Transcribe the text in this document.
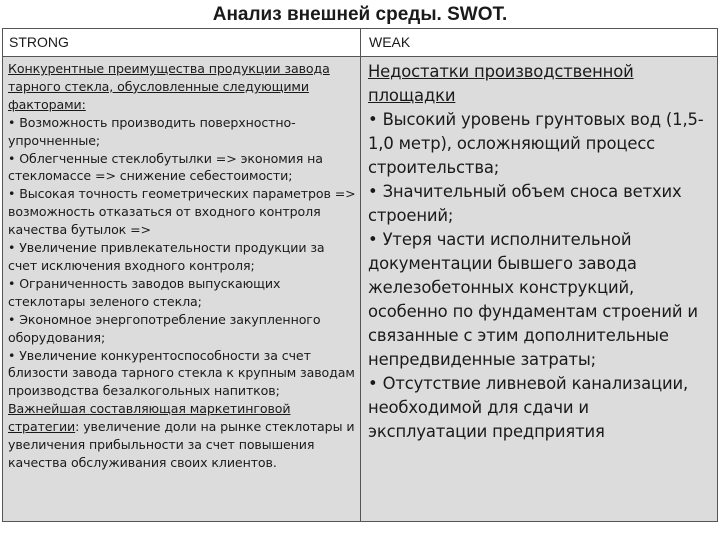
Анализ внешней среды. SWOT.
STRONG	WEAK

Конкурентные преимущества продукции завода тарного стекла, обусловленные следующими факторами:

• Возможность производить поверхностно-упрочненные;

• Облегченные стеклобутылки => экономия на стекломассе => снижение себестоимости;

• Высокая точность геометрических параметров => возможность отказаться от входного контроля качества бутылок =>

• Увеличение привлекательности продукции за счет исключения входного контроля;

• Ограниченность заводов выпускающих стеклотары зеленого стекла;

• Экономное энергопотребление закупленного оборудования;

• Увеличение конкурентоспособности за счет близости завода тарного стекла к крупным заводам производства безалкогольных напитков;

Важнейшая составляющая маркетинговой стратегии: увеличение доли на рынке стеклотары и увеличения прибыльности за счет повышения качества обслуживания своих клиентов.

Недостатки производственной площадки

• Высокий уровень грунтовых вод (1,5-1,0 метр), осложняющий процесс строительства;

• Значительный объем сноса ветхих строений;

• Утеря части исполнительной документации бывшего завода железобетонных конструкций, особенно по фундаментам строений и связанные с этим дополнительные непредвиденные затраты;

• Отсутствие ливневой канализации, необходимой для сдачи и эксплуатации предприятия
